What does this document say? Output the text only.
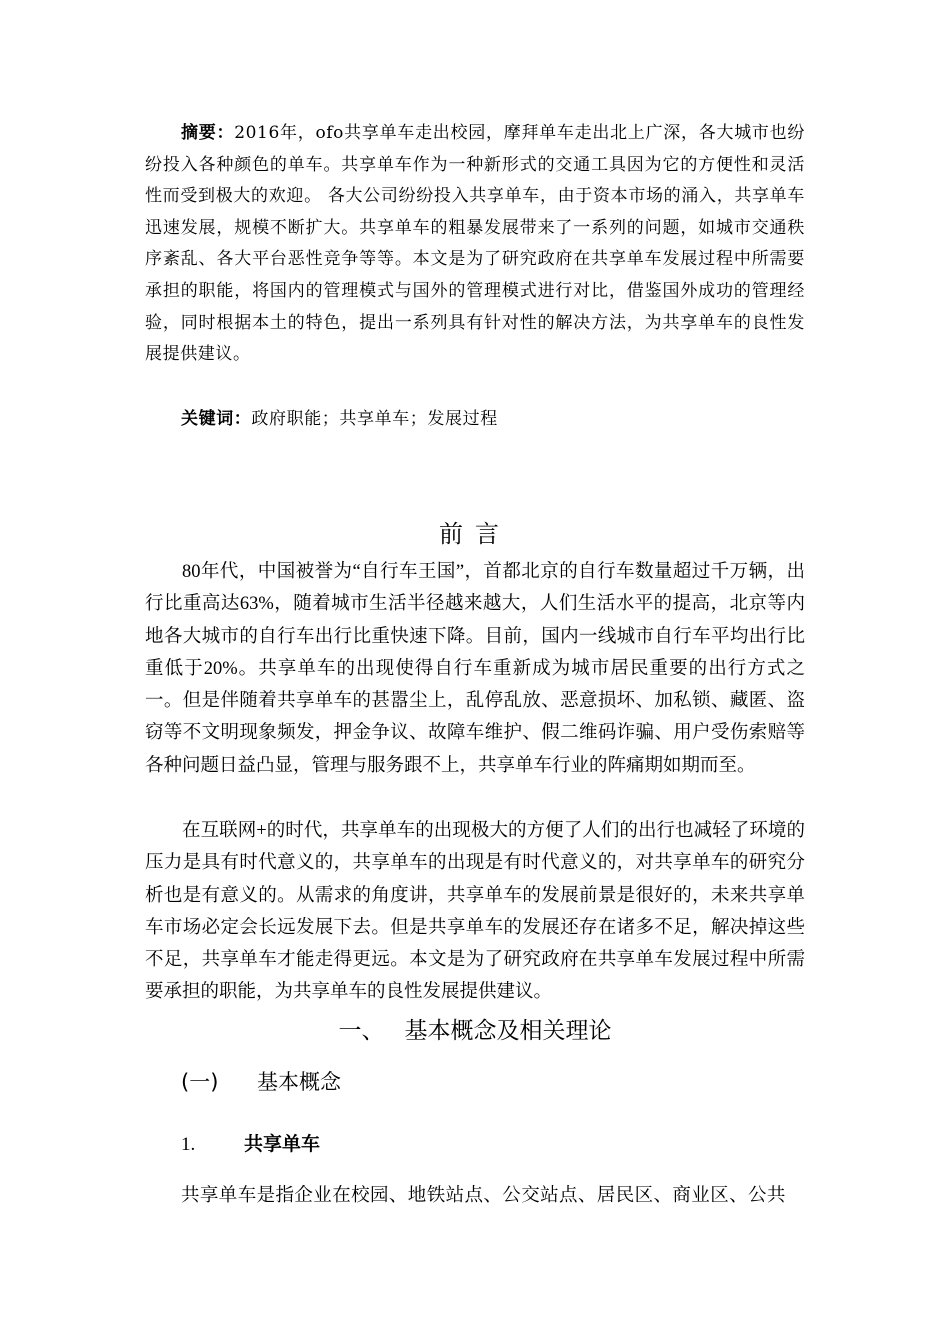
摘要：2016年，ofo共享单车走出校园，摩拜单车走出北上广深，各大城市也纷纷投入各种颜色的单车。共享单车作为一种新形式的交通工具因为它的方便性和灵活性而受到极大的欢迎。 各大公司纷纷投入共享单车，由于资本市场的涌入，共享单车迅速发展，规模不断扩大。共享单车的粗暴发展带来了一系列的问题，如城市交通秩序紊乱、各大平台恶性竞争等等。本文是为了研究政府在共享单车发展过程中所需要承担的职能，将国内的管理模式与国外的管理模式进行对比，借鉴国外成功的管理经验，同时根据本土的特色，提出一系列具有针对性的解决方法，为共享单车的良性发展提供建议。

关键词：政府职能；共享单车；发展过程

前言

80年代，中国被誉为“自行车王国”，首都北京的自行车数量超过千万辆，出行比重高达63%，随着城市生活半径越来越大，人们生活水平的提高，北京等内地各大城市的自行车出行比重快速下降。目前，国内一线城市自行车平均出行比重低于20%。共享单车的出现使得自行车重新成为城市居民重要的出行方式之一。但是伴随着共享单车的甚嚣尘上，乱停乱放、恶意损坏、加私锁、藏匿、盗窃等不文明现象频发，押金争议、故障车维护、假二维码诈骗、用户受伤索赔等各种问题日益凸显，管理与服务跟不上，共享单车行业的阵痛期如期而至。

在互联网+的时代，共享单车的出现极大的方便了人们的出行也减轻了环境的压力是具有时代意义的，共享单车的出现是有时代意义的，对共享单车的研究分析也是有意义的。从需求的角度讲，共享单车的发展前景是很好的，未来共享单车市场必定会长远发展下去。但是共享单车的发展还存在诸多不足，解决掉这些不足，共享单车才能走得更远。本文是为了研究政府在共享单车发展过程中所需要承担的职能，为共享单车的良性发展提供建议。

一、 基本概念及相关理论
(一) 基本概念
1.	共享单车

共享单车是指企业在校园、地铁站点、公交站点、居民区、商业区、公共
